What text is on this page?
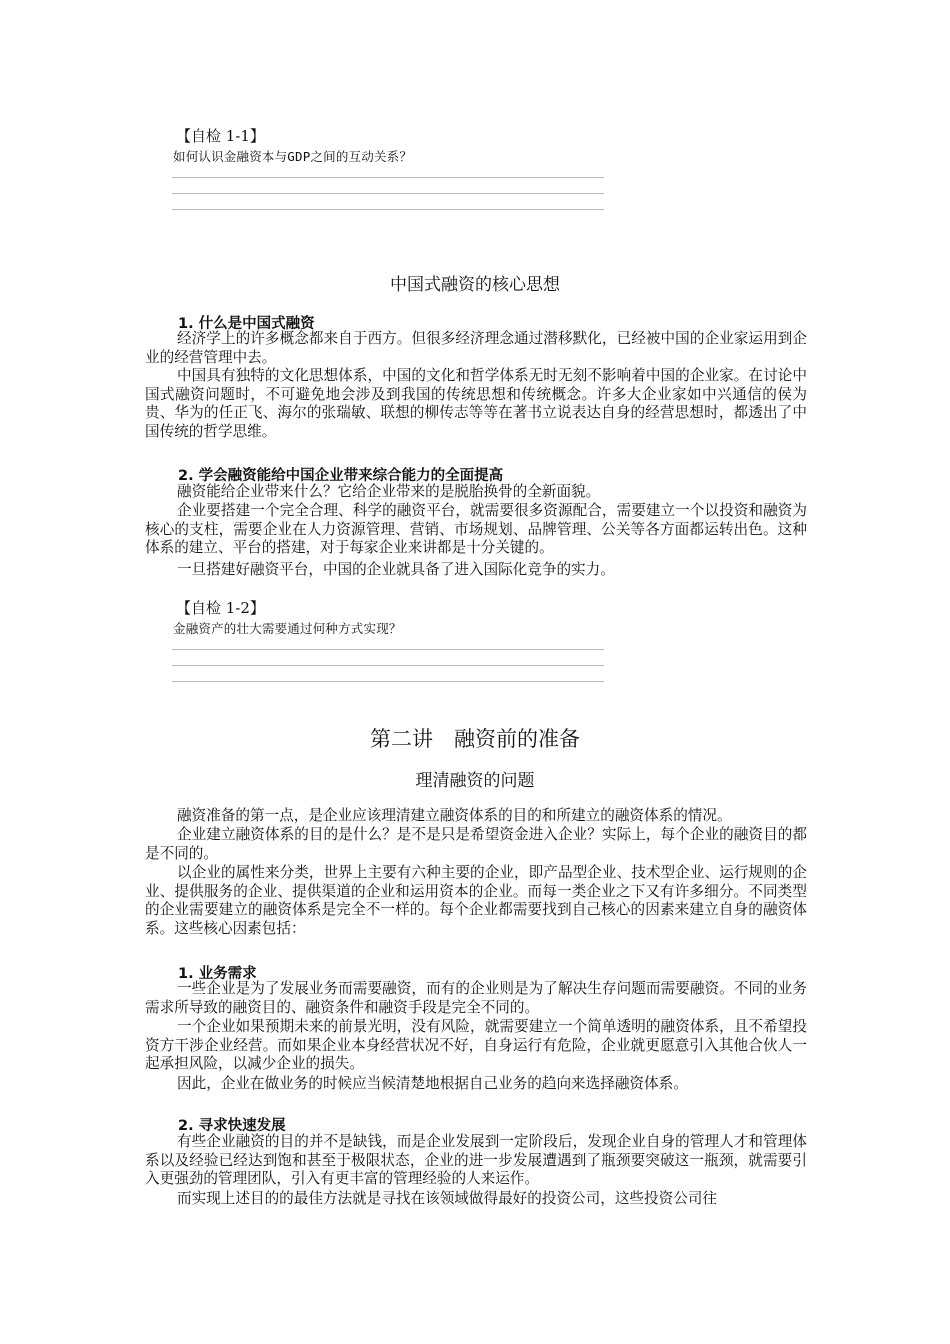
【自检 1-1】
如何认识金融资本与GDP之间的互动关系？
中国式融资的核心思想
1. 什么是中国式融资
经济学上的许多概念都来自于西方。但很多经济理念通过潜移默化，已经被中国的企业家运用到企业的经营管理中去。
中国具有独特的文化思想体系，中国的文化和哲学体系无时无刻不影响着中国的企业家。在讨论中国式融资问题时，不可避免地会涉及到我国的传统思想和传统概念。许多大企业家如中兴通信的侯为贵、华为的任正飞、海尔的张瑞敏、联想的柳传志等等在著书立说表达自身的经营思想时，都透出了中国传统的哲学思维。
2. 学会融资能给中国企业带来综合能力的全面提高
融资能给企业带来什么？它给企业带来的是脱胎换骨的全新面貌。
企业要搭建一个完全合理、科学的融资平台，就需要很多资源配合，需要建立一个以投资和融资为核心的支柱，需要企业在人力资源管理、营销、市场规划、品牌管理、公关等各方面都运转出色。这种体系的建立、平台的搭建，对于每家企业来讲都是十分关键的。
一旦搭建好融资平台，中国的企业就具备了进入国际化竞争的实力。
【自检 1-2】
金融资产的壮大需要通过何种方式实现？
第二讲　融资前的准备
理清融资的问题
融资准备的第一点，是企业应该理清建立融资体系的目的和所建立的融资体系的情况。
企业建立融资体系的目的是什么？是不是只是希望资金进入企业？实际上，每个企业的融资目的都是不同的。
以企业的属性来分类，世界上主要有六种主要的企业，即产品型企业、技术型企业、运行规则的企业、提供服务的企业、提供渠道的企业和运用资本的企业。而每一类企业之下又有许多细分。不同类型的企业需要建立的融资体系是完全不一样的。每个企业都需要找到自己核心的因素来建立自身的融资体系。这些核心因素包括：
1. 业务需求
一些企业是为了发展业务而需要融资，而有的企业则是为了解决生存问题而需要融资。不同的业务需求所导致的融资目的、融资条件和融资手段是完全不同的。
一个企业如果预期未来的前景光明，没有风险，就需要建立一个简单透明的融资体系，且不希望投资方干涉企业经营。而如果企业本身经营状况不好，自身运行有危险，企业就更愿意引入其他合伙人一起承担风险，以减少企业的损失。
因此，企业在做业务的时候应当候清楚地根据自己业务的趋向来选择融资体系。
2. 寻求快速发展
有些企业融资的目的并不是缺钱，而是企业发展到一定阶段后，发现企业自身的管理人才和管理体系以及经验已经达到饱和甚至于极限状态，企业的进一步发展遭遇到了瓶颈要突破这一瓶颈，就需要引入更强劲的管理团队，引入有更丰富的管理经验的人来运作。
而实现上述目的的最佳方法就是寻找在该领域做得最好的投资公司，这些投资公司往
